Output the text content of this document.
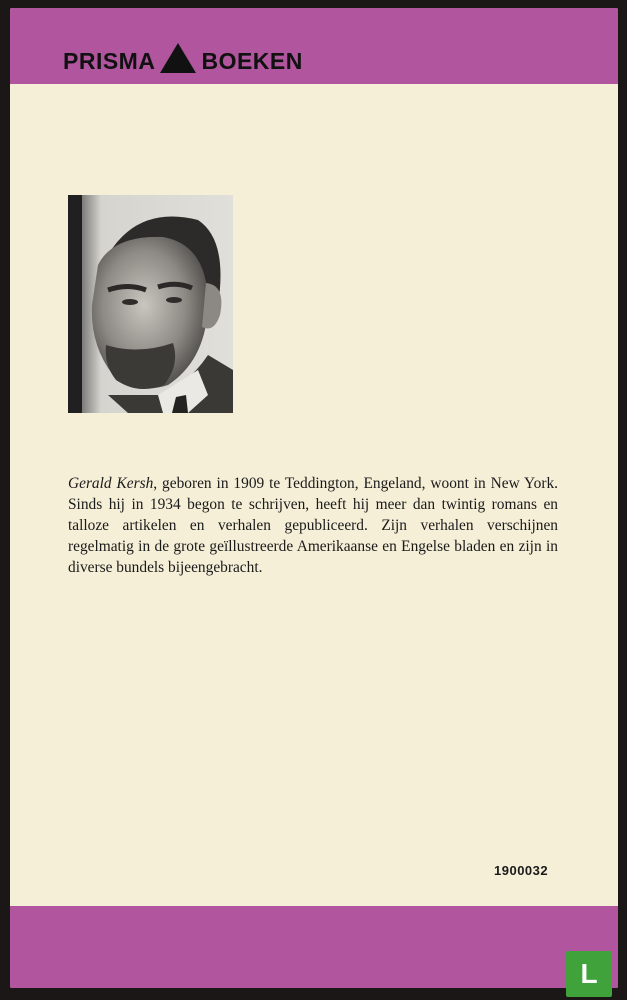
PRISMA BOEKEN

Gerald Kersh, geboren in 1909 te Teddington, Engeland, woont in New York. Sinds hij in 1934 begon te schrijven, heeft hij meer dan twintig romans en talloze artikelen en verhalen gepubliceerd. Zijn verhalen verschijnen regelmatig in de grote geïllustreerde Amerikaanse en Engelse bladen en zijn in diverse bundels bijeengebracht.

1900032
L
